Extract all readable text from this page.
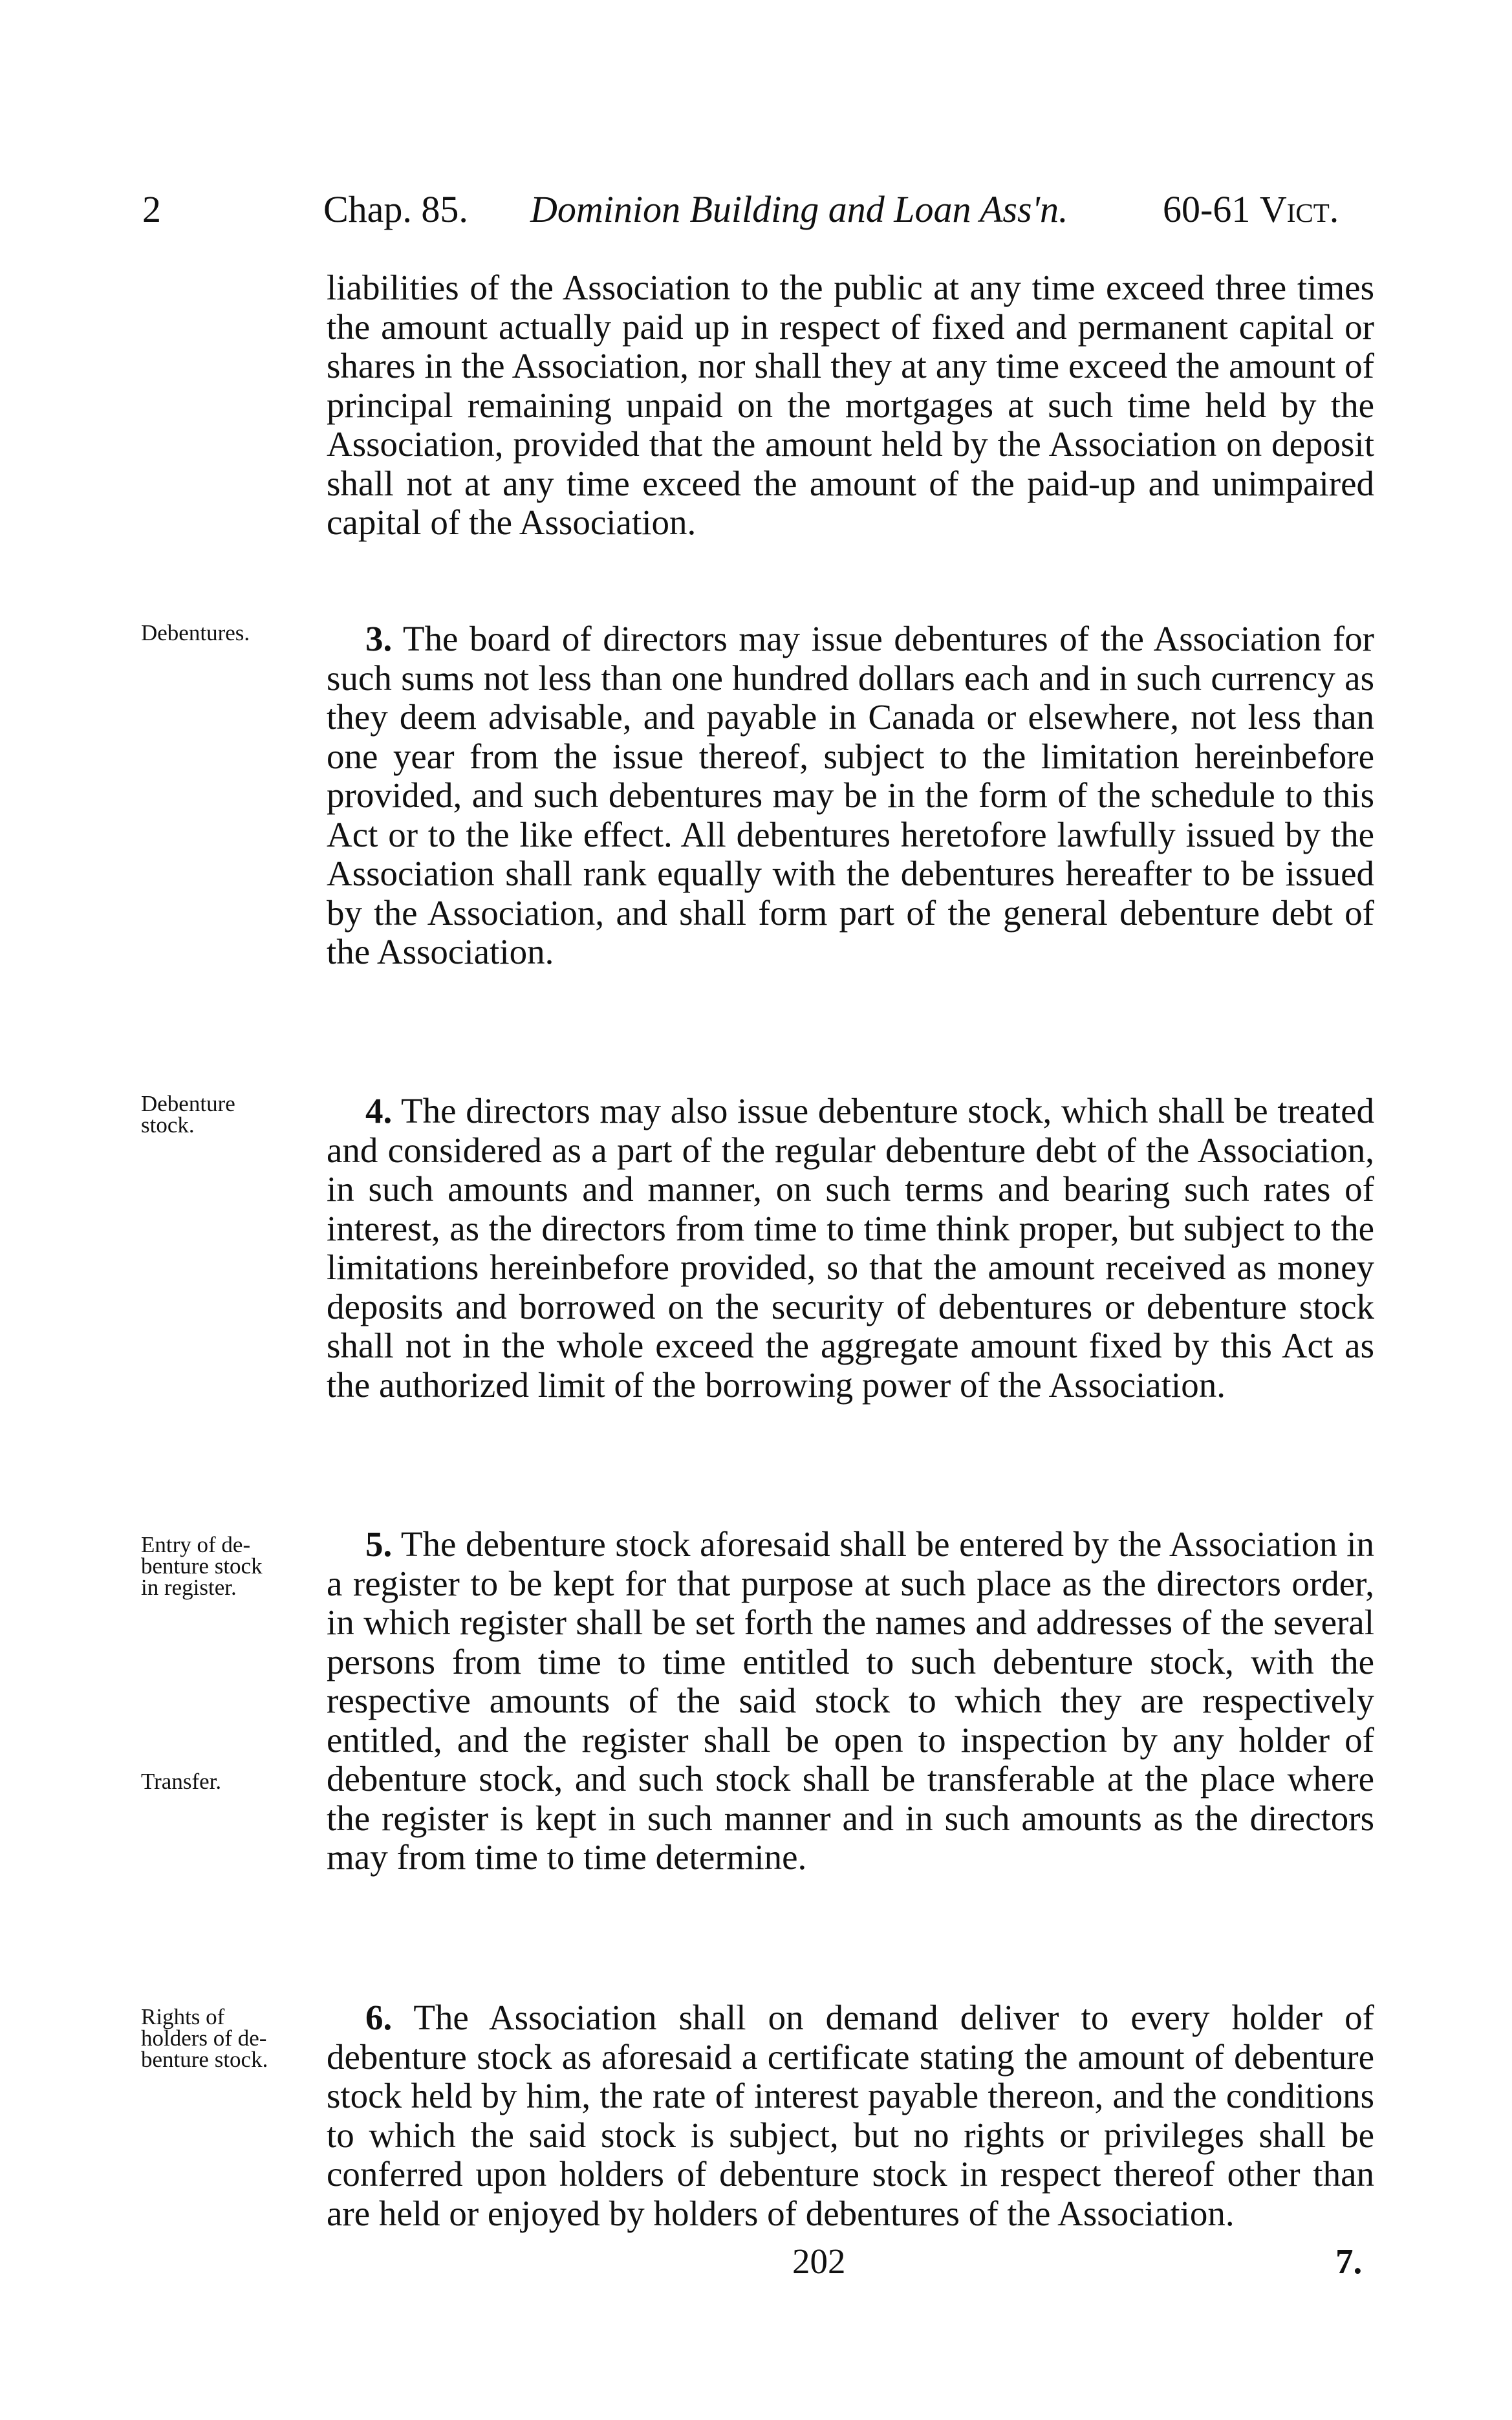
2	Chap. 85. Dominion Building and Loan Ass'n.	60-61 Vict.
liabilities of the Association to the public at any time exceed three times the amount actually paid up in respect of fixed and permanent capital or shares in the Association, nor shall they at any time exceed the amount of principal remaining unpaid on the mortgages at such time held by the Association, provided that the amount held by the Association on deposit shall not at any time exceed the amount of the paid-up and unimpaired capital of the Association.
Debentures.	3. The board of directors may issue debentures of the Association for such sums not less than one hundred dollars each and in such currency as they deem advisable, and payable in Canada or elsewhere, not less than one year from the issue thereof, subject to the limitation hereinbefore provided, and such debentures may be in the form of the schedule to this Act or to the like effect. All debentures heretofore lawfully issued by the Association shall rank equally with the debentures hereafter to be issued by the Association, and shall form part of the general debenture debt of the Association.
Debenture
stock.	4. The directors may also issue debenture stock, which shall be treated and considered as a part of the regular debenture debt of the Association, in such amounts and manner, on such terms and bearing such rates of interest, as the directors from time to time think proper, but subject to the limitations hereinbefore provided, so that the amount received as money deposits and borrowed on the security of debentures or debenture stock shall not in the whole exceed the aggregate amount fixed by this Act as the authorized limit of the borrowing power of the Association.
Entry of de-
benture stock
in register.
Transfer.
5. The debenture stock aforesaid shall be entered by the Association in a register to be kept for that purpose at such place as the directors order, in which register shall be set forth the names and addresses of the several persons from time to time entitled to such debenture stock, with the respective amounts of the said stock to which they are respectively entitled, and the register shall be open to inspection by any holder of debenture stock, and such stock shall be transferable at the place where the register is kept in such manner and in such amounts as the directors may from time to time determine.
Rights of
holders of de-
benture stock.
6. The Association shall on demand deliver to every holder of debenture stock as aforesaid a certificate stating the amount of debenture stock held by him, the rate of interest payable thereon, and the conditions to which the said stock is subject, but no rights or privileges shall be conferred upon holders of debenture stock in respect thereof other than are held or enjoyed by holders of debentures of the Association.
202	7.
